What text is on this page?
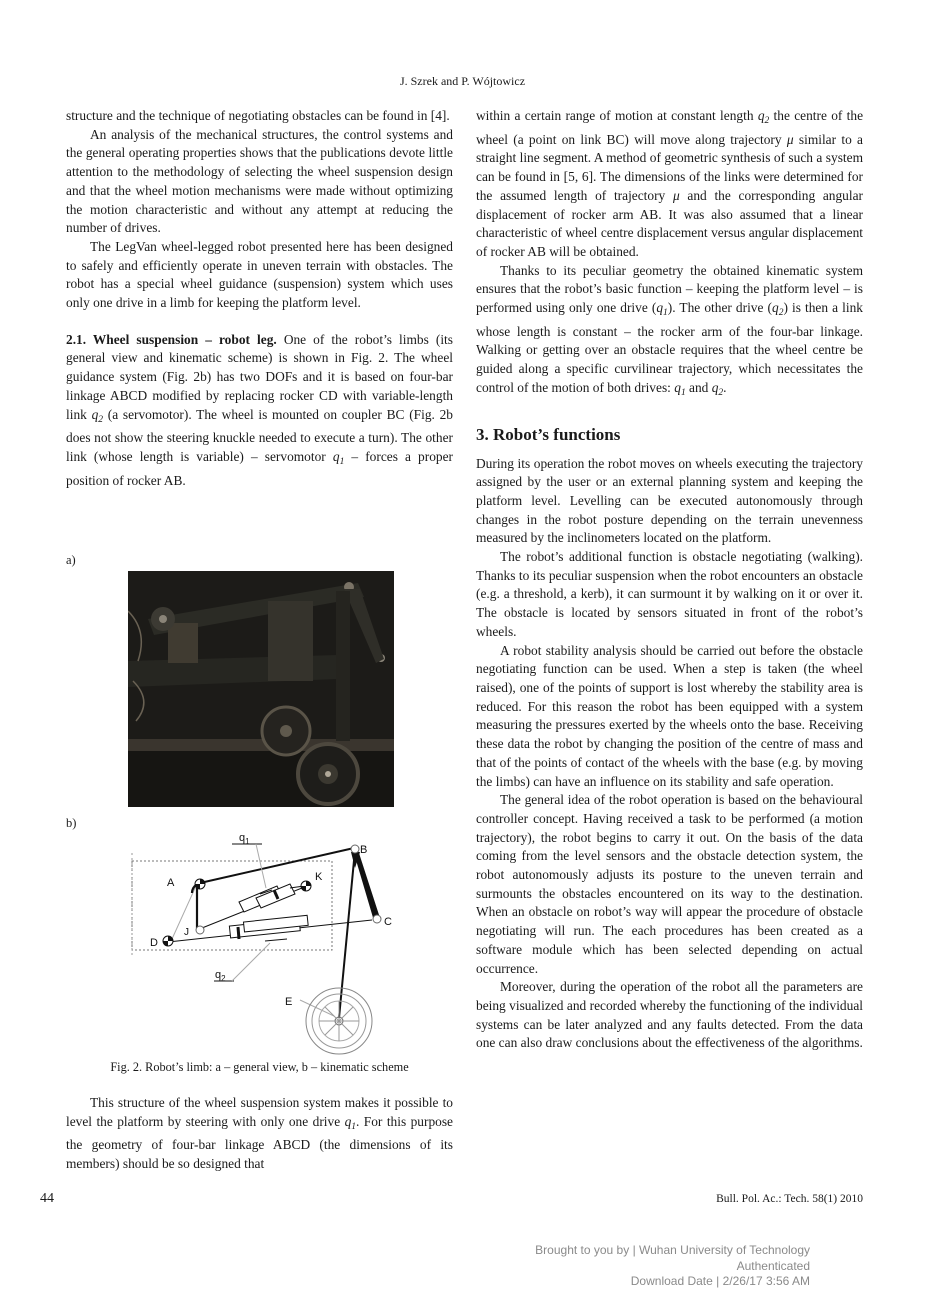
J. Szrek and P. Wójtowicz

structure and the technique of negotiating obstacles can be found in [4].

An analysis of the mechanical structures, the control systems and the general operating properties shows that the publications devote little attention to the methodology of selecting the wheel suspension design and that the wheel motion mechanisms were made without optimizing the motion characteristic and without any attempt at reducing the number of drives.

The LegVan wheel-legged robot presented here has been designed to safely and efficiently operate in uneven terrain with obstacles. The robot has a special wheel guidance (suspension) system which uses only one drive in a limb for keeping the platform level.

2.1. Wheel suspension – robot leg. One of the robot’s limbs (its general view and kinematic scheme) is shown in Fig. 2. The wheel guidance system (Fig. 2b) has two DOFs and it is based on four-bar linkage ABCD modified by replacing rocker CD with variable-length link $q_2$ (a servomotor). The wheel is mounted on coupler BC (Fig. 2b does not show the steering knuckle needed to execute a turn). The other link (whose length is variable) – servomotor $q_1$ – forces a proper position of rocker AB.

a)
b)
A
B
C
D
E
J
K
$q_1$
$q_2$
Fig. 2. Robot’s limb: a – general view, b – kinematic scheme

This structure of the wheel suspension system makes it possible to level the platform by steering with only one drive $q_1$. For this purpose the geometry of four-bar linkage ABCD (the dimensions of its members) should be so designed that

within a certain range of motion at constant length $q_2$ the centre of the wheel (a point on link BC) will move along trajectory μ similar to a straight line segment. A method of geometric synthesis of such a system can be found in [5, 6]. The dimensions of the links were determined for the assumed length of trajectory μ and the corresponding angular displacement of rocker arm AB. It was also assumed that a linear characteristic of wheel centre displacement versus angular displacement of rocker AB will be obtained.

Thanks to its peculiar geometry the obtained kinematic system ensures that the robot’s basic function – keeping the platform level – is performed using only one drive $(q_1)$. The other drive $(q_2)$ is then a link whose length is constant – the rocker arm of the four-bar linkage. Walking or getting over an obstacle requires that the wheel centre be guided along a specific curvilinear trajectory, which necessitates the control of the motion of both drives: $q_1$ and $q_2$.

3. Robot’s functions

During its operation the robot moves on wheels executing the trajectory assigned by the user or an external planning system and keeping the platform level. Levelling can be executed autonomously through changes in the robot posture depending on the terrain unevenness measured by the inclinometers located on the platform.

The robot’s additional function is obstacle negotiating (walking). Thanks to its peculiar suspension when the robot encounters an obstacle (e.g. a threshold, a kerb), it can surmount it by walking on it or over it. The obstacle is located by sensors situated in front of the robot’s wheels.

A robot stability analysis should be carried out before the obstacle negotiating function can be used. When a step is taken (the wheel raised), one of the points of support is lost whereby the stability area is reduced. For this reason the robot has been equipped with a system measuring the pressures exerted by the wheels onto the base. Receiving these data the robot by changing the position of the centre of mass and that of the points of contact of the wheels with the base (e.g. by moving the limbs) can have an influence on its stability and safe operation.

The general idea of the robot operation is based on the behavioural controller concept. Having received a task to be performed (a motion trajectory), the robot begins to carry it out. On the basis of the data coming from the level sensors and the obstacle detection system, the robot autonomously adjusts its posture to the uneven terrain and surmounts the obstacles encountered on its way to the destination. When an obstacle on robot’s way will appear the procedure of obstacle negotiating will run. The each procedures has been created as a software module which has been selected depending on actual occurrence.

Moreover, during the operation of the robot all the parameters are being visualized and recorded whereby the functioning of the individual systems can be later analyzed and any faults detected. From the data one can also draw conclusions about the effectiveness of the algorithms.

44	Bull. Pol. Ac.: Tech. 58(1) 2010
Brought to you by | Wuhan University of Technology
Authenticated
Download Date | 2/26/17 3:56 AM
